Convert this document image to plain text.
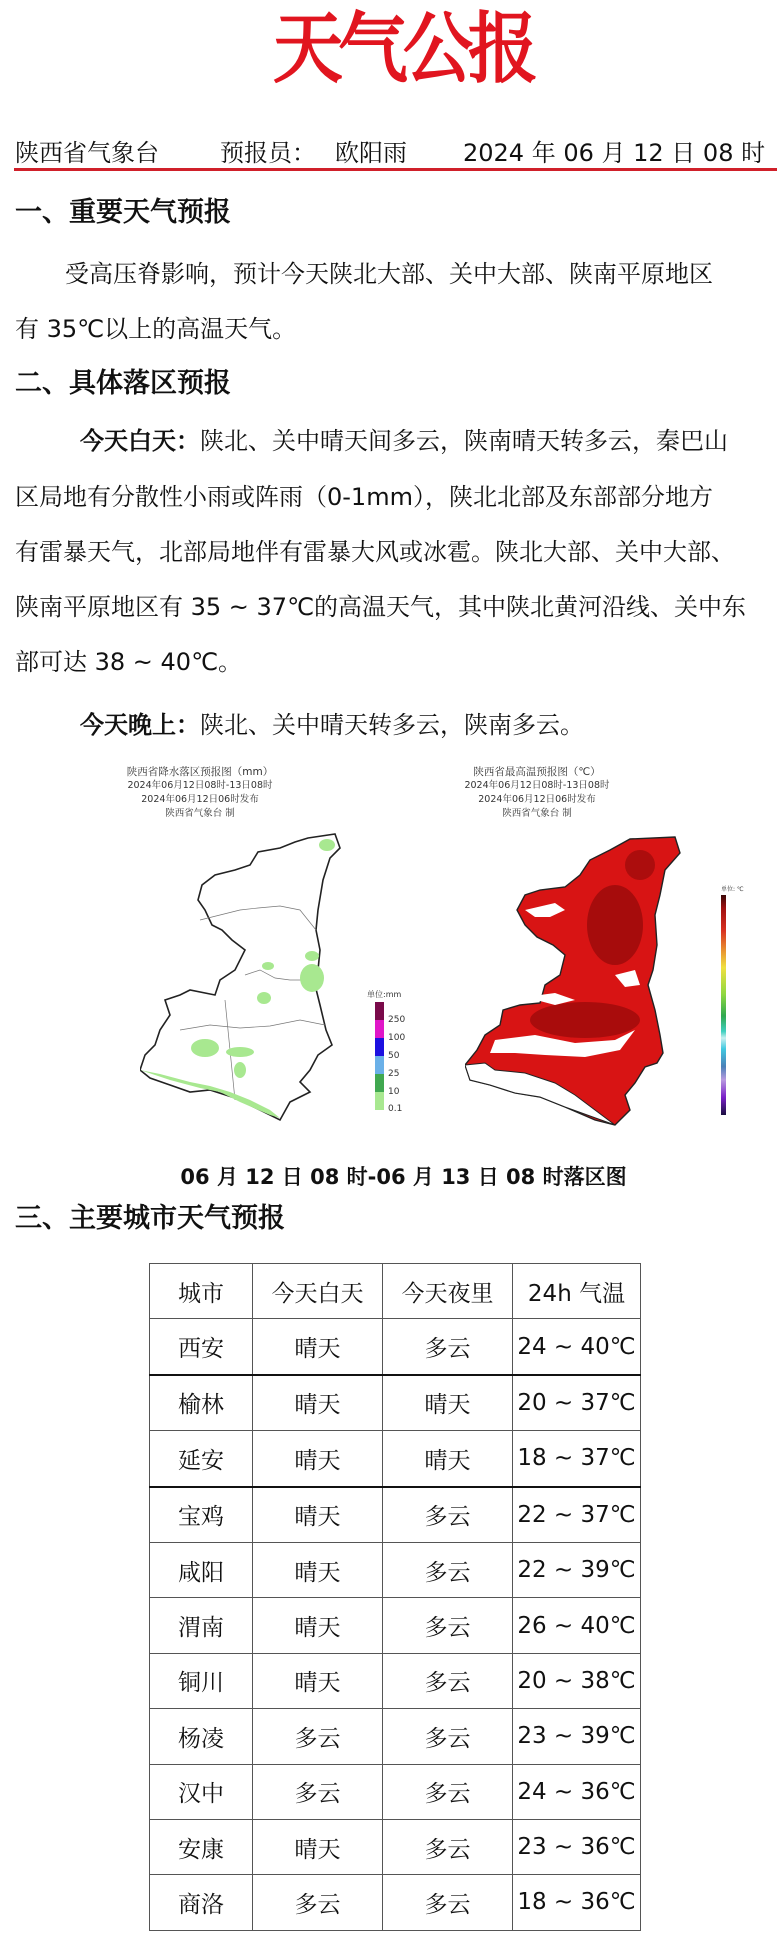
天
气
公
报
陕西省气象台	预报员： 欧阳雨 2024 年 06 月 12 日 08 时
一、重要天气预报
受高压脊影响，预计今天陕北大部、关中大部、陕南平原地区
有 35℃以上的高温天气。
二、具体落区预报
今天白天：陕北、关中晴天间多云，陕南晴天转多云，秦巴山
区局地有分散性小雨或阵雨（0-1mm），陕北北部及东部部分地方
有雷暴天气，北部局地伴有雷暴大风或冰雹。陕北大部、关中大部、
陕南平原地区有 35 ~ 37℃的高温天气，其中陕北黄河沿线、关中东
部可达 38 ~ 40℃。
今天晚上：陕北、关中晴天转多云，陕南多云。
陕西省降水落区预报图（mm）
2024年06月12日08时-13日08时
2024年06月12日06时发布
陕西省气象台 制
单位:mm
250
100
50
25
10
0.1
陕西省最高温预报图（℃）
2024年06月12日08时-13日08时
2024年06月12日06时发布
陕西省气象台 制
单位: ℃
06 月 12 日 08 时-06 月 13 日 08 时落区图
三、主要城市天气预报
城市	今天白天	今天夜里	24h 气温
西安	晴天	多云	24 ~ 40℃
榆林	晴天	晴天	20 ~ 37℃
延安	晴天	晴天	18 ~ 37℃
宝鸡	晴天	多云	22 ~ 37℃
咸阳	晴天	多云	22 ~ 39℃
渭南	晴天	多云	26 ~ 40℃
铜川	晴天	多云	20 ~ 38℃
杨凌	多云	多云	23 ~ 39℃
汉中	多云	多云	24 ~ 36℃
安康	晴天	多云	23 ~ 36℃
商洛	多云	多云	18 ~ 36℃
